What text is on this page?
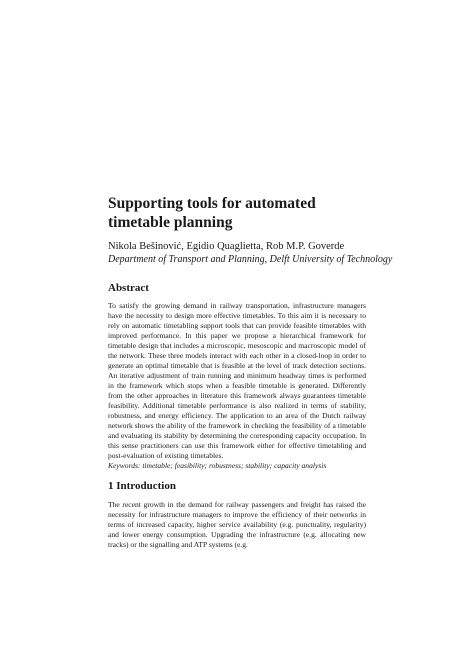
Supporting tools for automated timetable planning

Nikola Bešinović, Egidio Quaglietta, Rob M.P. Goverde

Department of Transport and Planning, Delft University of Technology

Abstract

To satisfy the growing demand in railway transportation, infrastructure managers have the necessity to design more effective timetables. To this aim it is necessary to rely on automatic timetabling support tools that can provide feasible timetables with improved performance. In this paper we propose a hierarchical framework for timetable design that includes a microscopic, mesoscopic and macroscopic model of the network. These three models interact with each other in a closed-loop in order to generate an optimal timetable that is feasible at the level of track detection sections. An iterative adjustment of train running and minimum headway times is performed in the framework which stops when a feasible timetable is generated. Differently from the other approaches in literature this framework always guarantees timetable feasibility. Additional timetable performance is also realized in terms of stability, robustness, and energy efficiency. The application to an area of the Dutch railway network shows the ability of the framework in checking the feasibility of a timetable and evaluating its stability by determining the corresponding capacity occupation. In this sense practitioners can use this framework either for effective timetabling and post-evaluation of existing timetables.

Keywords: timetable; feasibility; robustness; stability; capacity analysis

1 Introduction

The recent growth in the demand for railway passengers and freight has raised the necessity for infrastructure managers to improve the efficiency of their networks in terms of increased capacity, higher service availability (e.g. punctuality, regularity) and lower energy consumption. Upgrading the infrastructure (e.g. allocating new tracks) or the signalling and ATP systems (e.g.
